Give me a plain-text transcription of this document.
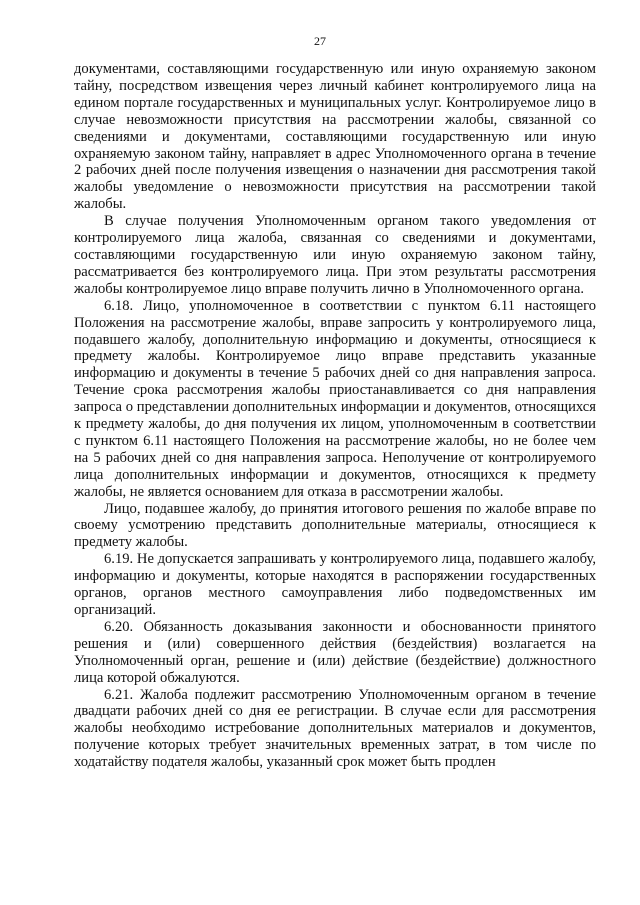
27

документами, составляющими государственную или иную охраняемую законом тайну, посредством извещения через личный кабинет контролируемого лица на едином портале государственных и муниципальных услуг. Контролируемое лицо в случае невозможности присутствия на рассмотрении жалобы, связанной со сведениями и документами, составляющими государственную или иную охраняемую законом тайну, направляет в адрес Уполномоченного органа в течение 2 рабочих дней после получения извещения о назначении дня рассмотрения такой жалобы уведомление о невозможности присутствия на рассмотрении такой жалобы.

В случае получения Уполномоченным органом такого уведомления от контролируемого лица жалоба, связанная со сведениями и документами, составляющими государственную или иную охраняемую законом тайну, рассматривается без контролируемого лица. При этом результаты рассмотрения жалобы контролируемое лицо вправе получить лично в Уполномоченного органа.

6.18. Лицо, уполномоченное в соответствии с пунктом 6.11 настоящего Положения на рассмотрение жалобы, вправе запросить у контролируемого лица, подавшего жалобу, дополнительную информацию и документы, относящиеся к предмету жалобы. Контролируемое лицо вправе представить указанные информацию и документы в течение 5 рабочих дней со дня направления запроса. Течение срока рассмотрения жалобы приостанавливается со дня направления запроса о представлении дополнительных информации и документов, относящихся к предмету жалобы, до дня получения их лицом, уполномоченным в соответствии с пунктом 6.11 настоящего Положения на рассмотрение жалобы, но не более чем на 5 рабочих дней со дня направления запроса. Неполучение от контролируемого лица дополнительных информации и документов, относящихся к предмету жалобы, не является основанием для отказа в рассмотрении жалобы.

Лицо, подавшее жалобу, до принятия итогового решения по жалобе вправе по своему усмотрению представить дополнительные материалы, относящиеся к предмету жалобы.

6.19. Не допускается запрашивать у контролируемого лица, подавшего жалобу, информацию и документы, которые находятся в распоряжении государственных органов, органов местного самоуправления либо подведомственных им организаций.

6.20. Обязанность доказывания законности и обоснованности принятого решения и (или) совершенного действия (бездействия) возлагается на Уполномоченный орган, решение и (или) действие (бездействие) должностного лица которой обжалуются.

6.21. Жалоба подлежит рассмотрению Уполномоченным органом в течение двадцати рабочих дней со дня ее регистрации. В случае если для рассмотрения жалобы необходимо истребование дополнительных материалов и документов, получение которых требует значительных временных затрат, в том числе по ходатайству подателя жалобы, указанный срок может быть продлен
